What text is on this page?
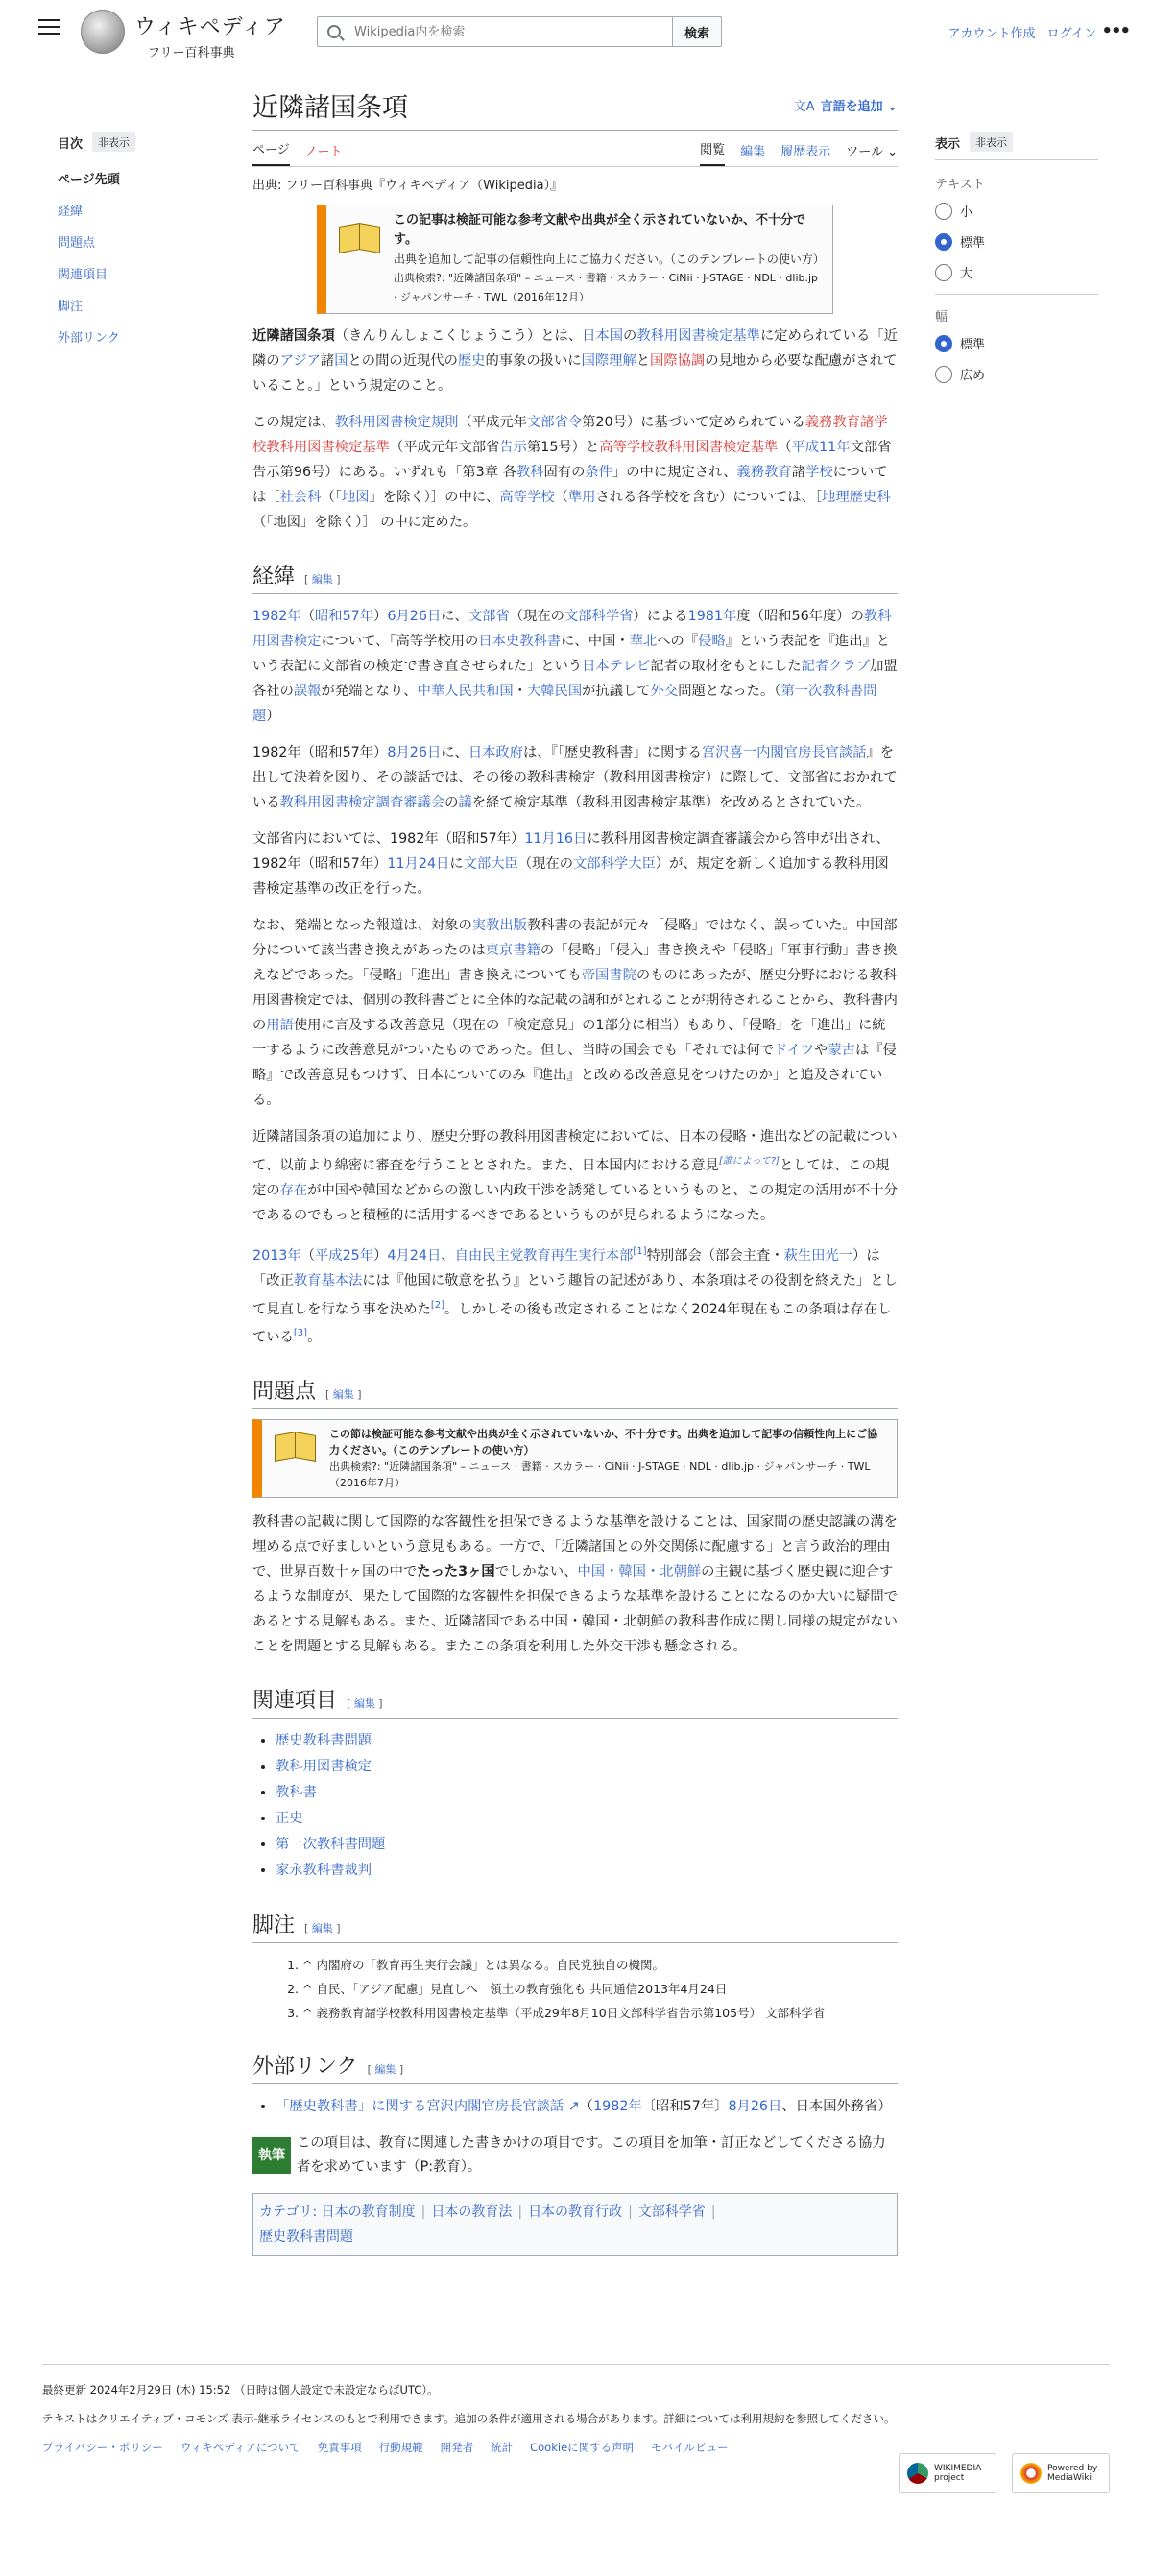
ウィキペディア
フリー百科事典
Wikipedia内を検索
検索	アカウント作成 ログイン •••
目次	非表示
ページ先頭
経緯
問題点
関連項目
脚注
外部リンク
表示	非表示
テキスト
小
標準
大
幅
標準
広め
近隣諸国条項	文A 言語を追加 ⌄
ページ ノート	閲覧 編集 履歴表示 ツール ⌄
出典: フリー百科事典『ウィキペディア（Wikipedia）』
この記事は検証可能な参考文献や出典が全く示されていないか、不十分です。
出典を追加して記事の信頼性向上にご協力ください。（このテンプレートの使い方）
出典検索?: "近隣諸国条項" – ニュース · 書籍 · スカラー · CiNii · J-STAGE · NDL · dlib.jp · ジャパンサーチ · TWL（2016年12月）

近隣諸国条項（きんりんしょこくじょうこう）とは、日本国の教科用図書検定基準に定められている「近隣のアジア諸国との間の近現代の歴史的事象の扱いに国際理解と国際協調の見地から必要な配慮がされていること。」という規定のこと。

この規定は、教科用図書検定規則（平成元年文部省令第20号）に基づいて定められている義務教育諸学校教科用図書検定基準（平成元年文部省告示第15号）と高等学校教科用図書検定基準（平成11年文部省告示第96号）にある。いずれも「第3章 各教科固有の条件」の中に規定され、義務教育諸学校については［社会科（「地図」を除く）］の中に、高等学校（準用される各学校を含む）については、［地理歴史科（「地図」を除く）］ の中に定めた。

経緯 [ 編集 ]

1982年（昭和57年）6月26日に、文部省（現在の文部科学省）による1981年度（昭和56年度）の教科用図書検定について、「高等学校用の日本史教科書に、中国・華北への『侵略』という表記を『進出』という表記に文部省の検定で書き直させられた」という日本テレビ記者の取材をもとにした記者クラブ加盟各社の誤報が発端となり、中華人民共和国・大韓民国が抗議して外交問題となった。（第一次教科書問題）

1982年（昭和57年）8月26日に、日本政府は、『「歴史教科書」に関する宮沢喜一内閣官房長官談話』を出して決着を図り、その談話では、その後の教科書検定（教科用図書検定）に際して、文部省におかれている教科用図書検定調査審議会の議を経て検定基準（教科用図書検定基準）を改めるとされていた。

文部省内においては、1982年（昭和57年）11月16日に教科用図書検定調査審議会から答申が出され、1982年（昭和57年）11月24日に文部大臣（現在の文部科学大臣）が、規定を新しく追加する教科用図書検定基準の改正を行った。

なお、発端となった報道は、対象の実教出版教科書の表記が元々「侵略」ではなく、誤っていた。中国部分について該当書き換えがあったのは東京書籍の「侵略」「侵入」書き換えや「侵略」「軍事行動」書き換えなどであった。「侵略」「進出」書き換えについても帝国書院のものにあったが、歴史分野における教科用図書検定では、個別の教科書ごとに全体的な記載の調和がとれることが期待されることから、教科書内の用語使用に言及する改善意見（現在の「検定意見」の1部分に相当）もあり、「侵略」を「進出」に統一するように改善意見がついたものであった。但し、当時の国会でも「それでは何でドイツや蒙古は『侵略』で改善意見もつけず、日本についてのみ『進出』と改める改善意見をつけたのか」と追及されている。

近隣諸国条項の追加により、歴史分野の教科用図書検定においては、日本の侵略・進出などの記載について、以前より綿密に審査を行うこととされた。また、日本国内における意見[誰によって?]としては、この規定の存在が中国や韓国などからの激しい内政干渉を誘発しているというものと、この規定の活用が不十分であるのでもっと積極的に活用するべきであるというものが見られるようになった。

2013年（平成25年）4月24日、自由民主党教育再生実行本部[1]特別部会（部会主査・萩生田光一）は「改正教育基本法には『他国に敬意を払う』という趣旨の記述があり、本条項はその役割を終えた」として見直しを行なう事を決めた[2]。しかしその後も改定されることはなく2024年現在もこの条項は存在している[3]。

問題点 [ 編集 ]
この節は検証可能な参考文献や出典が全く示されていないか、不十分です。出典を追加して記事の信頼性向上にご協力ください。（このテンプレートの使い方）
出典検索?: "近隣諸国条項" – ニュース · 書籍 · スカラー · CiNii · J-STAGE · NDL · dlib.jp · ジャパンサーチ · TWL（2016年7月）

教科書の記載に関して国際的な客観性を担保できるような基準を設けることは、国家間の歴史認識の溝を埋める点で好ましいという意見もある。一方で、「近隣諸国との外交関係に配慮する」と言う政治的理由で、世界百数十ヶ国の中でたった3ヶ国でしかない、中国・韓国・北朝鮮の主観に基づく歴史観に迎合するような制度が、果たして国際的な客観性を担保できるような基準を設けることになるのか大いに疑問であるとする見解もある。また、近隣諸国である中国・韓国・北朝鮮の教科書作成に関し同様の規定がないことを問題とする見解もある。またこの条項を利用した外交干渉も懸念される。

関連項目 [ 編集 ]
• 歴史教科書問題
• 教科用図書検定
• 教科書
• 正史
• 第一次教科書問題
• 家永教科書裁判
脚注 [ 編集 ]
1. ^ 内閣府の「教育再生実行会議」とは異なる。自民党独自の機関。
2. ^ 自民、「アジア配慮」見直しへ　領土の教育強化も 共同通信2013年4月24日
3. ^ 義務教育諸学校教科用図書検定基準（平成29年8月10日文部科学省告示第105号） 文部科学省
外部リンク [ 編集 ]
• 「歴史教科書」に関する宮沢内閣官房長官談話 ↗（1982年〔昭和57年〕8月26日、日本国外務省）
執筆
この項目は、教育に関連した書きかけの項目です。この項目を加筆・訂正などしてくださる協力者を求めています（P:教育）。
カテゴリ: 日本の教育制度 | 日本の教育法 | 日本の教育行政 | 文部科学省 |
歴史教科書問題
最終更新 2024年2月29日 (木) 15:52 （日時は個人設定で未設定ならばUTC）。
テキストはクリエイティブ・コモンズ 表示-継承ライセンスのもとで利用できます。追加の条件が適用される場合があります。詳細については利用規約を参照してください。
プライバシー・ポリシー ウィキペディアについて 免責事項 行動規範 開発者 統計 Cookieに関する声明 モバイルビュー
WIKIMEDIA project
Powered by MediaWiki
